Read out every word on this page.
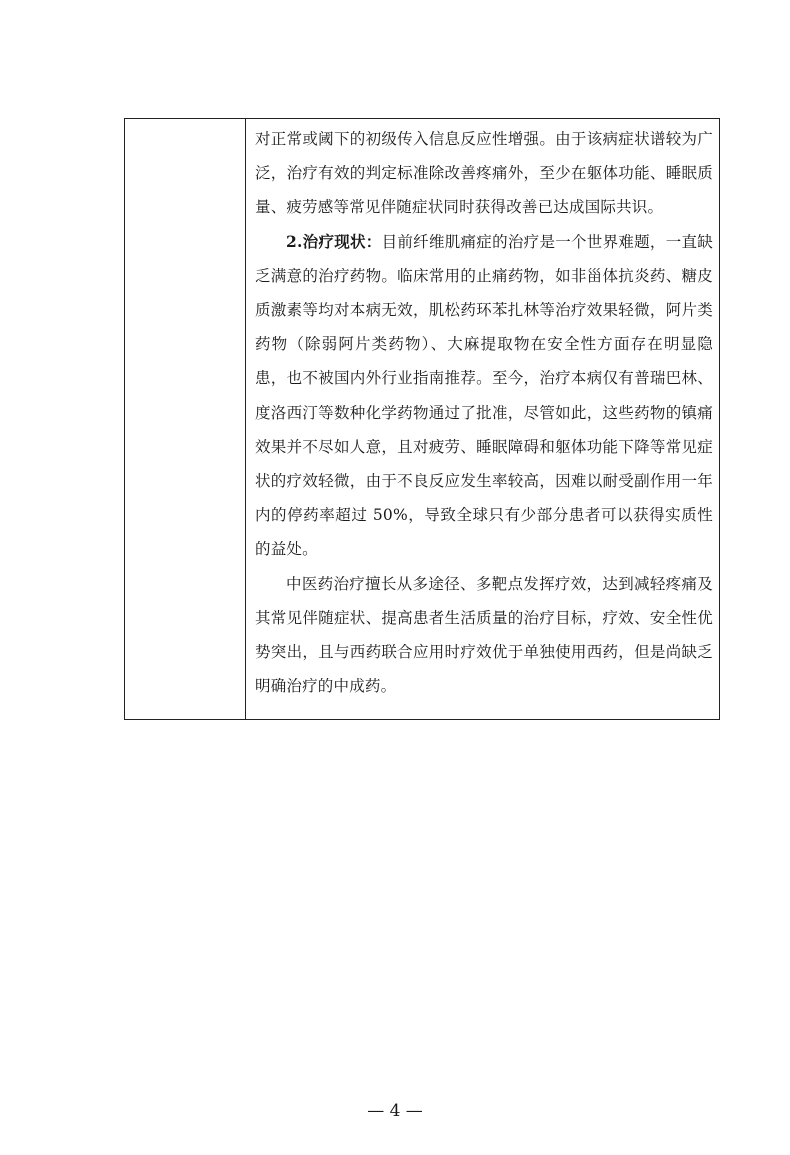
对正常或阈下的初级传入信息反应性增强。由于该病症状谱较为广泛，治疗有效的判定标准除改善疼痛外，至少在躯体功能、睡眠质量、疲劳感等常见伴随症状同时获得改善已达成国际共识。

2.治疗现状：目前纤维肌痛症的治疗是一个世界难题，一直缺乏满意的治疗药物。临床常用的止痛药物，如非甾体抗炎药、糖皮质激素等均对本病无效，肌松药环苯扎林等治疗效果轻微，阿片类药物（除弱阿片类药物）、大麻提取物在安全性方面存在明显隐患，也不被国内外行业指南推荐。至今，治疗本病仅有普瑞巴林、度洛西汀等数种化学药物通过了批准，尽管如此，这些药物的镇痛效果并不尽如人意，且对疲劳、睡眠障碍和躯体功能下降等常见症状的疗效轻微，由于不良反应发生率较高，因难以耐受副作用一年内的停药率超过 50%，导致全球只有少部分患者可以获得实质性的益处。

中医药治疗擅长从多途径、多靶点发挥疗效，达到减轻疼痛及其常见伴随症状、提高患者生活质量的治疗目标，疗效、安全性优势突出，且与西药联合应用时疗效优于单独使用西药，但是尚缺乏明确治疗的中成药。

— 4 —
